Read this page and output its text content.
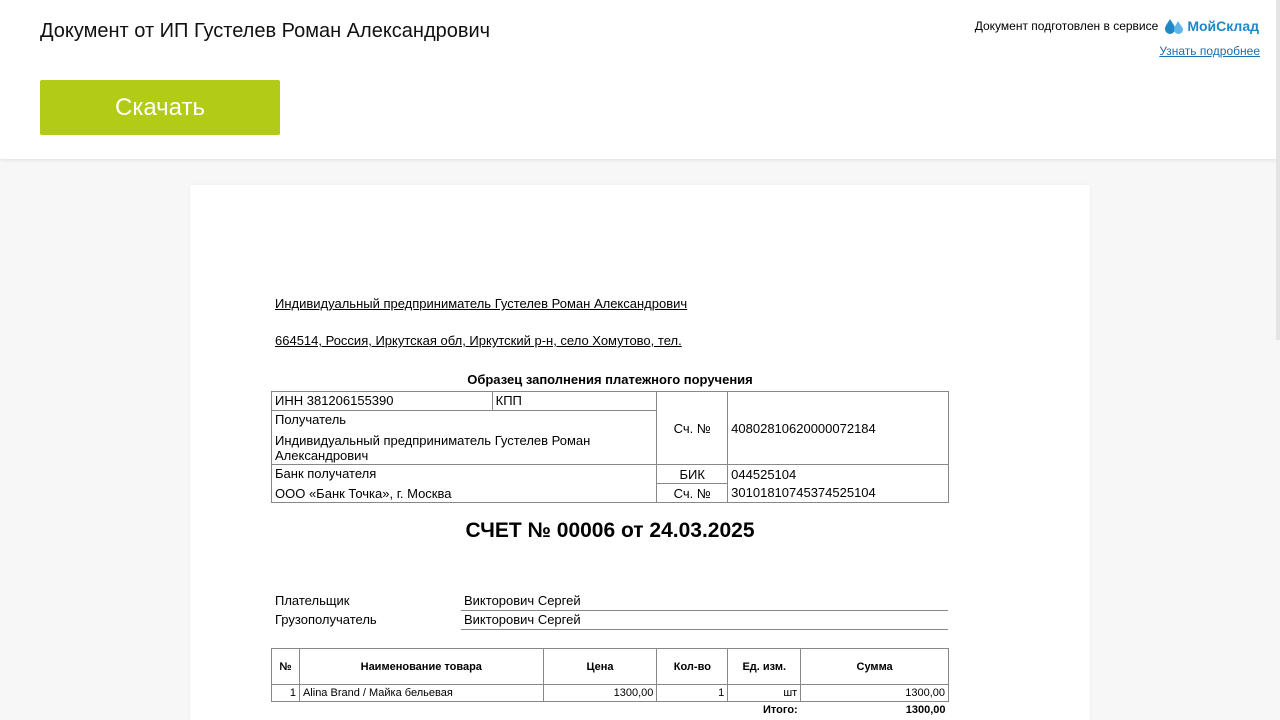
Документ от ИП Густелев Роман Александрович
Скачать
Документ подготовлен в сервисе МойСклад
Узнать подробнее
Индивидуальный предприниматель Густелев Роман Александрович
664514, Россия, Иркутская обл, Иркутский р-н, село Хомутово, тел.
Образец заполнения платежного поручения
ИНН 381206155390	КПП	Сч. №	40802810620000072184

Получатель
Индивидуальный предприниматель Густелев Роман Александрович			

Банк получателя
ООО «Банк Точка», г. Москва		БИК	044525104
		Сч. №	30101810745374525104
СЧЕТ № 00006 от 24.03.2025
Плательщик	Викторович Сергей
Грузополучатель	Викторович Сергей
№	Наименование товара	Цена	Кол-во	Ед. изм.	Сумма
1	Alina Brand / Майка бельевая	1300,00	1	шт	1300,00
				Итого:	1300,00
